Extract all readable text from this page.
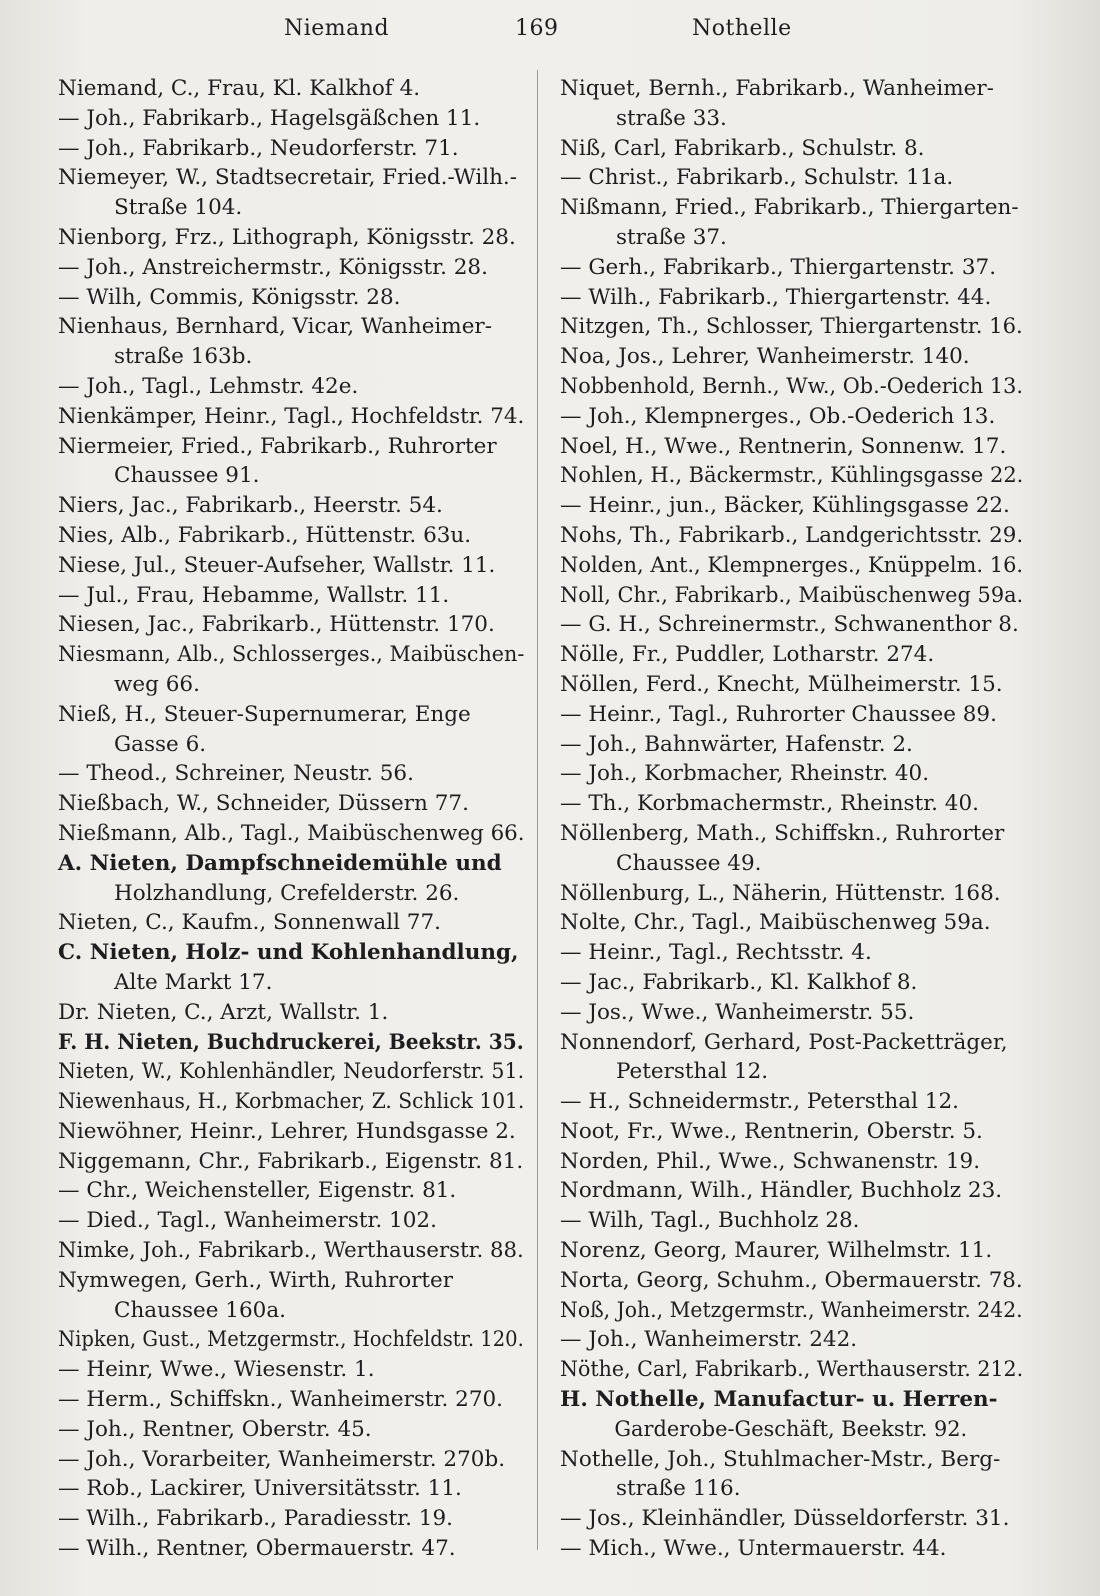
Niemand	169	Nothelle
Niemand, C., Frau, Kl. Kalkhof 4.
— Joh., Fabrikarb., Hagelsgäßchen 11.
— Joh., Fabrikarb., Neudorferstr. 71.
Niemeyer, W., Stadtsecretair, Fried.-Wilh.-
Straße 104.
Nienborg, Frz., Lithograph, Königsstr. 28.
— Joh., Anstreichermstr., Königsstr. 28.
— Wilh, Commis, Königsstr. 28.
Nienhaus, Bernhard, Vicar, Wanheimer-
straße 163b.
— Joh., Tagl., Lehmstr. 42e.
Nienkämper, Heinr., Tagl., Hochfeldstr. 74.
Niermeier, Fried., Fabrikarb., Ruhrorter
Chaussee 91.
Niers, Jac., Fabrikarb., Heerstr. 54.
Nies, Alb., Fabrikarb., Hüttenstr. 63u.
Niese, Jul., Steuer-Aufseher, Wallstr. 11.
— Jul., Frau, Hebamme, Wallstr. 11.
Niesen, Jac., Fabrikarb., Hüttenstr. 170.
Niesmann, Alb., Schlosserges., Maibüschen-
weg 66.
Nieß, H., Steuer-Supernumerar, Enge
Gasse 6.
— Theod., Schreiner, Neustr. 56.
Nießbach, W., Schneider, Düssern 77.
Nießmann, Alb., Tagl., Maibüschenweg 66.
A. Nieten, Dampfschneidemühle und
Holzhandlung, Crefelderstr. 26.
Nieten, C., Kaufm., Sonnenwall 77.
C. Nieten, Holz- und Kohlenhandlung,
Alte Markt 17.
Dr. Nieten, C., Arzt, Wallstr. 1.
F. H. Nieten, Buchdruckerei, Beekstr. 35.
Nieten, W., Kohlenhändler, Neudorferstr. 51.
Niewenhaus, H., Korbmacher, Z. Schlick 101.
Niewöhner, Heinr., Lehrer, Hundsgasse 2.
Niggemann, Chr., Fabrikarb., Eigenstr. 81.
— Chr., Weichensteller, Eigenstr. 81.
— Died., Tagl., Wanheimerstr. 102.
Nimke, Joh., Fabrikarb., Werthauserstr. 88.
Nymwegen, Gerh., Wirth, Ruhrorter
Chaussee 160a.
Nipken, Gust., Metzgermstr., Hochfeldstr. 120.
— Heinr, Wwe., Wiesenstr. 1.
— Herm., Schiffskn., Wanheimerstr. 270.
— Joh., Rentner, Oberstr. 45.
— Joh., Vorarbeiter, Wanheimerstr. 270b.
— Rob., Lackirer, Universitätsstr. 11.
— Wilh., Fabrikarb., Paradiesstr. 19.
— Wilh., Rentner, Obermauerstr. 47.
Niquet, Bernh., Fabrikarb., Wanheimer-
straße 33.
Niß, Carl, Fabrikarb., Schulstr. 8.
— Christ., Fabrikarb., Schulstr. 11a.
Nißmann, Fried., Fabrikarb., Thiergarten-
straße 37.
— Gerh., Fabrikarb., Thiergartenstr. 37.
— Wilh., Fabrikarb., Thiergartenstr. 44.
Nitzgen, Th., Schlosser, Thiergartenstr. 16.
Noa, Jos., Lehrer, Wanheimerstr. 140.
Nobbenhold, Bernh., Ww., Ob.-Oederich 13.
— Joh., Klempnerges., Ob.-Oederich 13.
Noel, H., Wwe., Rentnerin, Sonnenw. 17.
Nohlen, H., Bäckermstr., Kühlingsgasse 22.
— Heinr., jun., Bäcker, Kühlingsgasse 22.
Nohs, Th., Fabrikarb., Landgerichtsstr. 29.
Nolden, Ant., Klempnerges., Knüppelm. 16.
Noll, Chr., Fabrikarb., Maibüschenweg 59a.
— G. H., Schreinermstr., Schwanenthor 8.
Nölle, Fr., Puddler, Lotharstr. 274.
Nöllen, Ferd., Knecht, Mülheimerstr. 15.
— Heinr., Tagl., Ruhrorter Chaussee 89.
— Joh., Bahnwärter, Hafenstr. 2.
— Joh., Korbmacher, Rheinstr. 40.
— Th., Korbmachermstr., Rheinstr. 40.
Nöllenberg, Math., Schiffskn., Ruhrorter
Chaussee 49.
Nöllenburg, L., Näherin, Hüttenstr. 168.
Nolte, Chr., Tagl., Maibüschenweg 59a.
— Heinr., Tagl., Rechtsstr. 4.
— Jac., Fabrikarb., Kl. Kalkhof 8.
— Jos., Wwe., Wanheimerstr. 55.
Nonnendorf, Gerhard, Post-Packetträger,
Petersthal 12.
— H., Schneidermstr., Petersthal 12.
Noot, Fr., Wwe., Rentnerin, Oberstr. 5.
Norden, Phil., Wwe., Schwanenstr. 19.
Nordmann, Wilh., Händler, Buchholz 23.
— Wilh, Tagl., Buchholz 28.
Norenz, Georg, Maurer, Wilhelmstr. 11.
Norta, Georg, Schuhm., Obermauerstr. 78.
Noß, Joh., Metzgermstr., Wanheimerstr. 242.
— Joh., Wanheimerstr. 242.
Nöthe, Carl, Fabrikarb., Werthauserstr. 212.
H. Nothelle, Manufactur- u. Herren-
Garderobe-Geschäft, Beekstr. 92.
Nothelle, Joh., Stuhlmacher-Mstr., Berg-
straße 116.
— Jos., Kleinhändler, Düsseldorferstr. 31.
— Mich., Wwe., Untermauerstr. 44.
